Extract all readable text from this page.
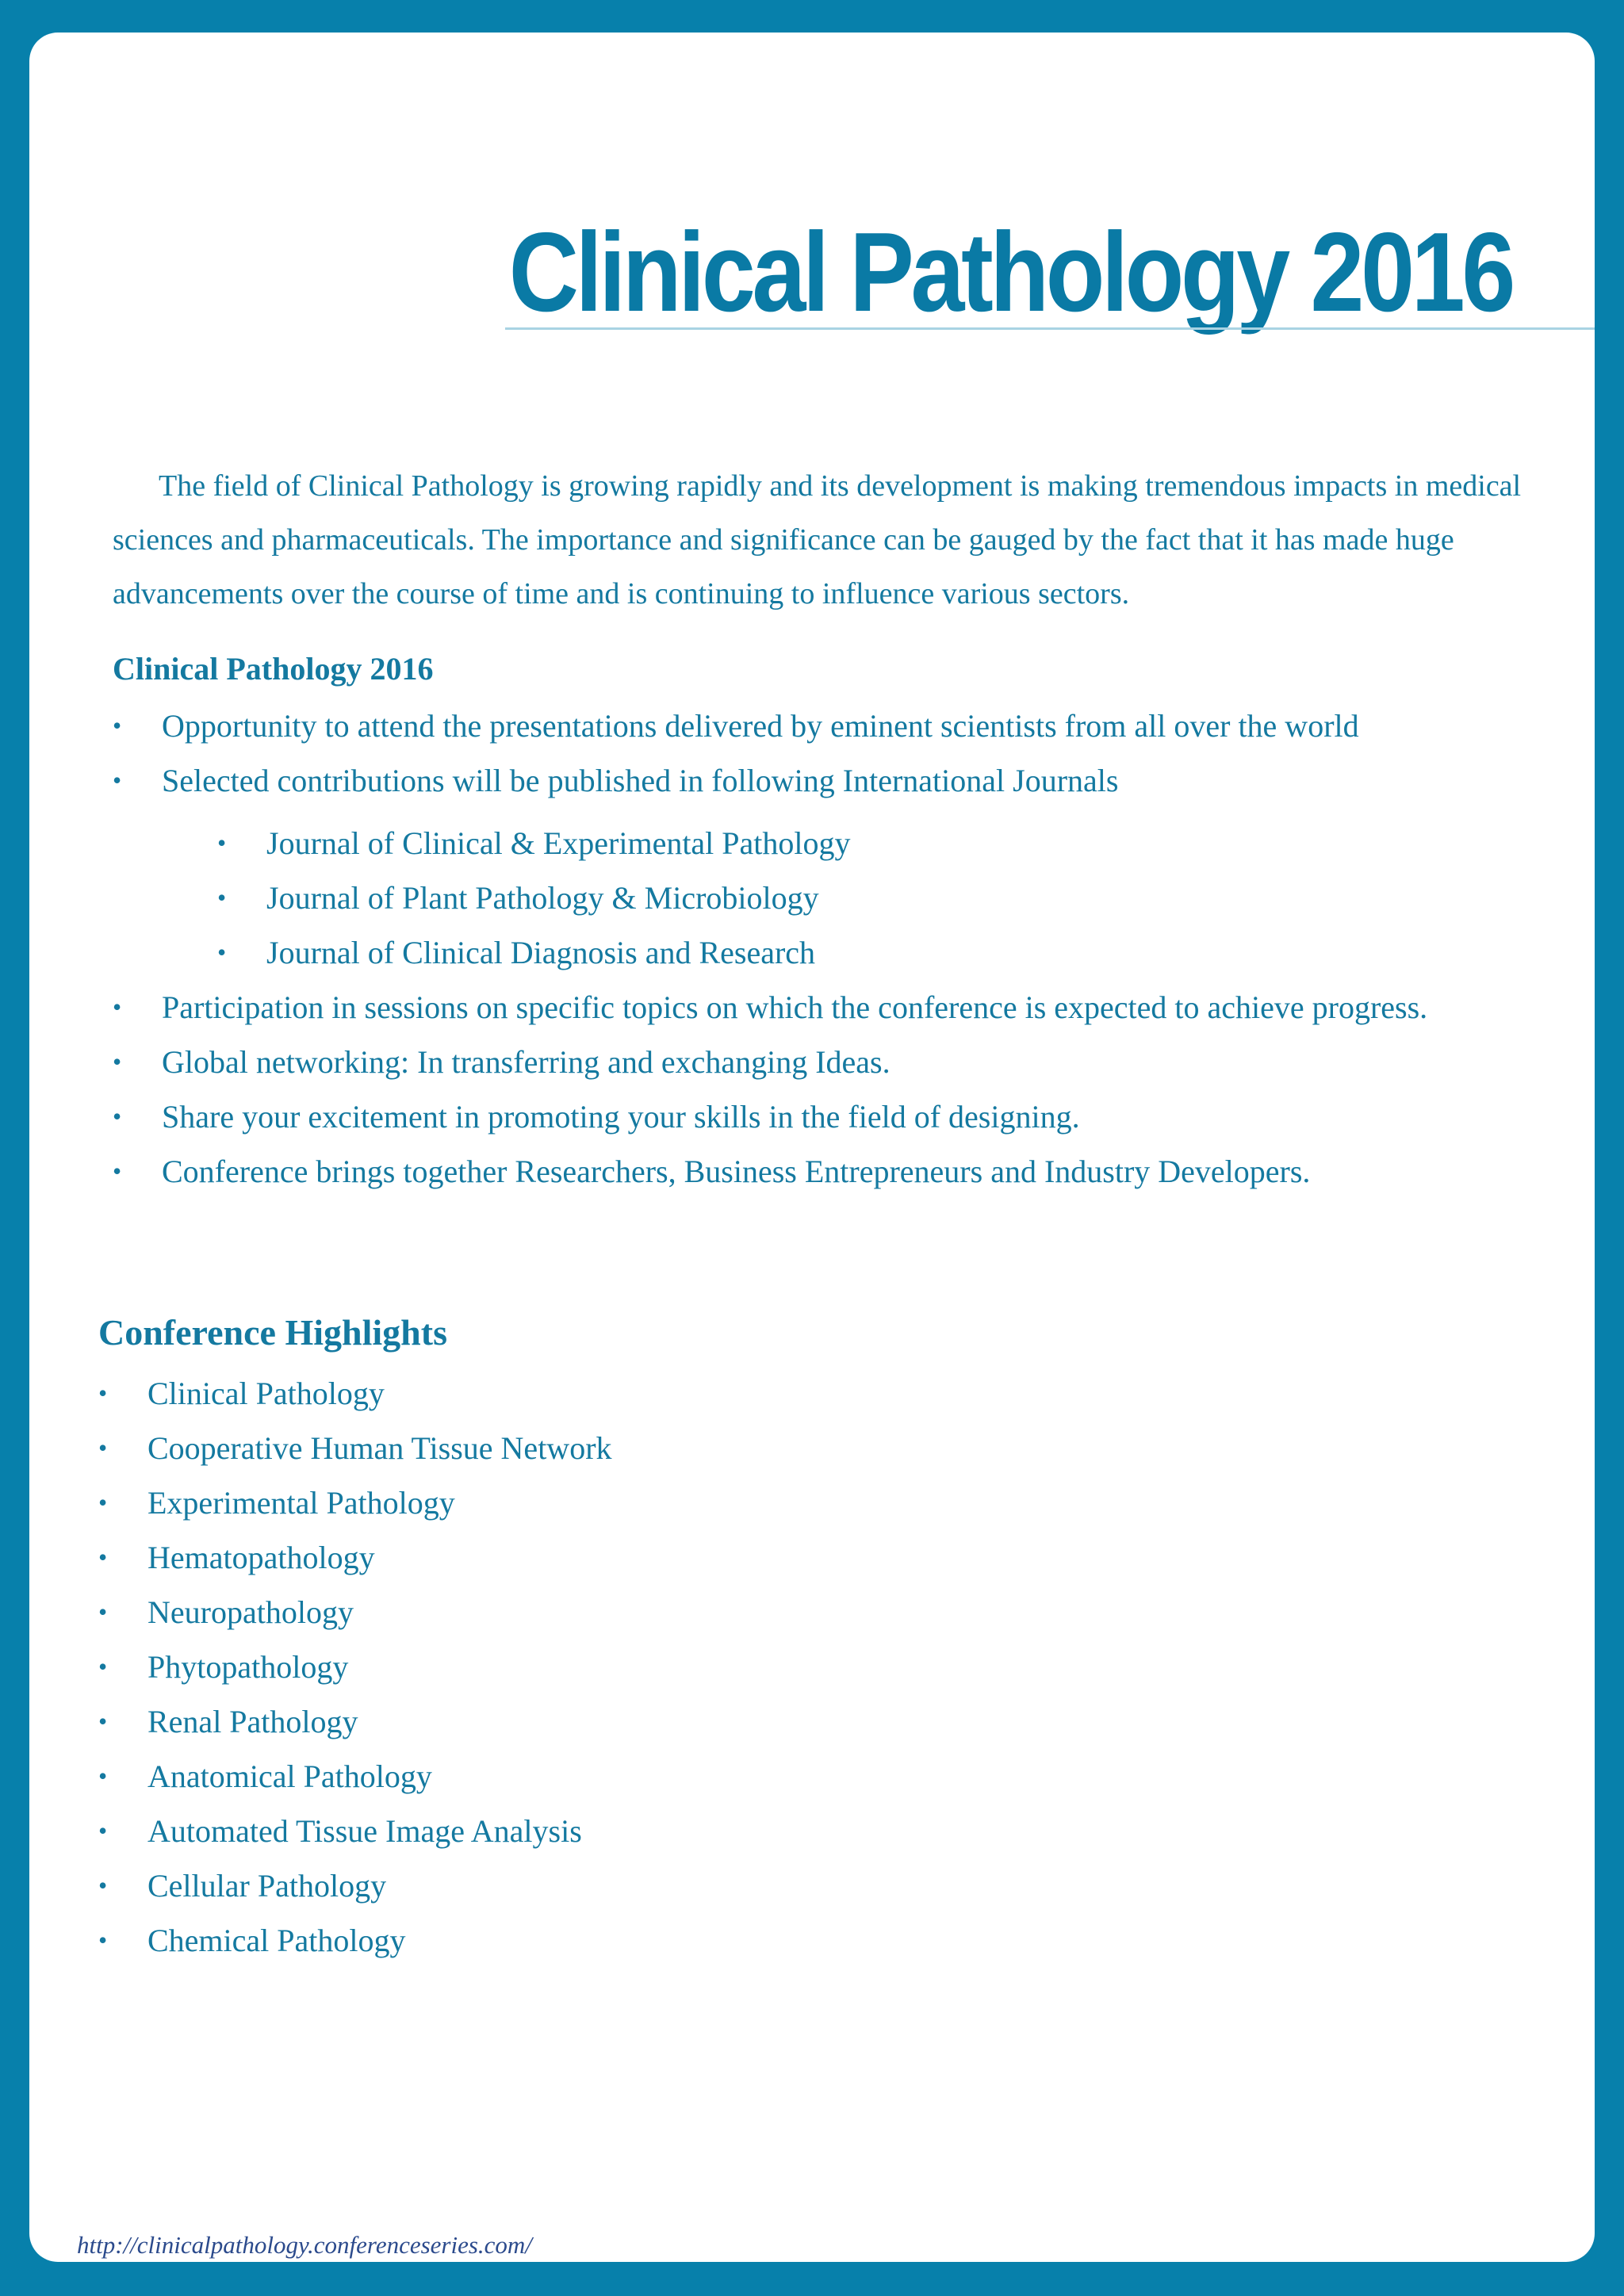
Clinical Pathology 2016

The field of Clinical Pathology is growing rapidly and its development is making tremendous impacts in medical sciences and pharmaceuticals. The importance and significance can be gauged by the fact that it has made huge advancements over the course of time and is continuing to influence various sectors.

Clinical Pathology 2016
• Opportunity to attend the presentations delivered by eminent scientists from all over the world
• Selected contributions will be published in following International Journals
• Journal of Clinical & Experimental Pathology
• Journal of Plant Pathology & Microbiology
• Journal of Clinical Diagnosis and Research
• Participation in sessions on specific topics on which the conference is expected to achieve progress.
• Global networking: In transferring and exchanging Ideas.
• Share your excitement in promoting your skills in the field of designing.
• Conference brings together Researchers, Business Entrepreneurs and Industry Developers.
Conference Highlights
• Clinical Pathology
• Cooperative Human Tissue Network
• Experimental Pathology
• Hematopathology
• Neuropathology
• Phytopathology
• Renal Pathology
• Anatomical Pathology
• Automated Tissue Image Analysis
• Cellular Pathology
• Chemical Pathology

http://clinicalpathology.conferenceseries.com/
